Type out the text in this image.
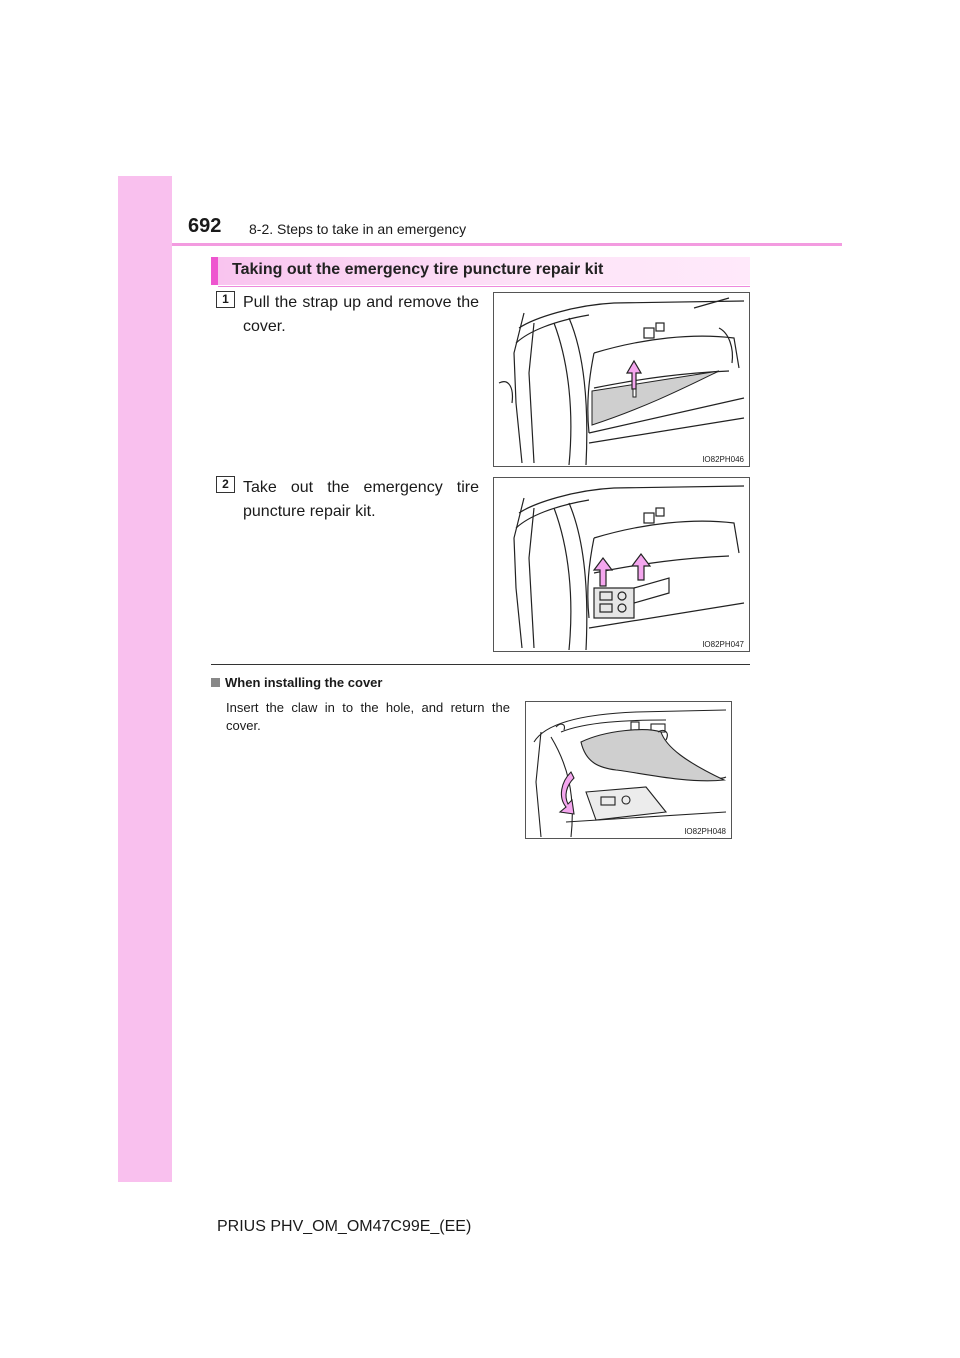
692 8-2. Steps to take in an emergency
Taking out the emergency tire puncture repair kit
1 Pull the strap up and remove the cover.
IO82PH046
2 Take out the emergency tire puncture repair kit.
IO82PH047
When installing the cover
Insert the claw in to the hole, and return the cover.
IO82PH048
PRIUS PHV_OM_OM47C99E_(EE)
